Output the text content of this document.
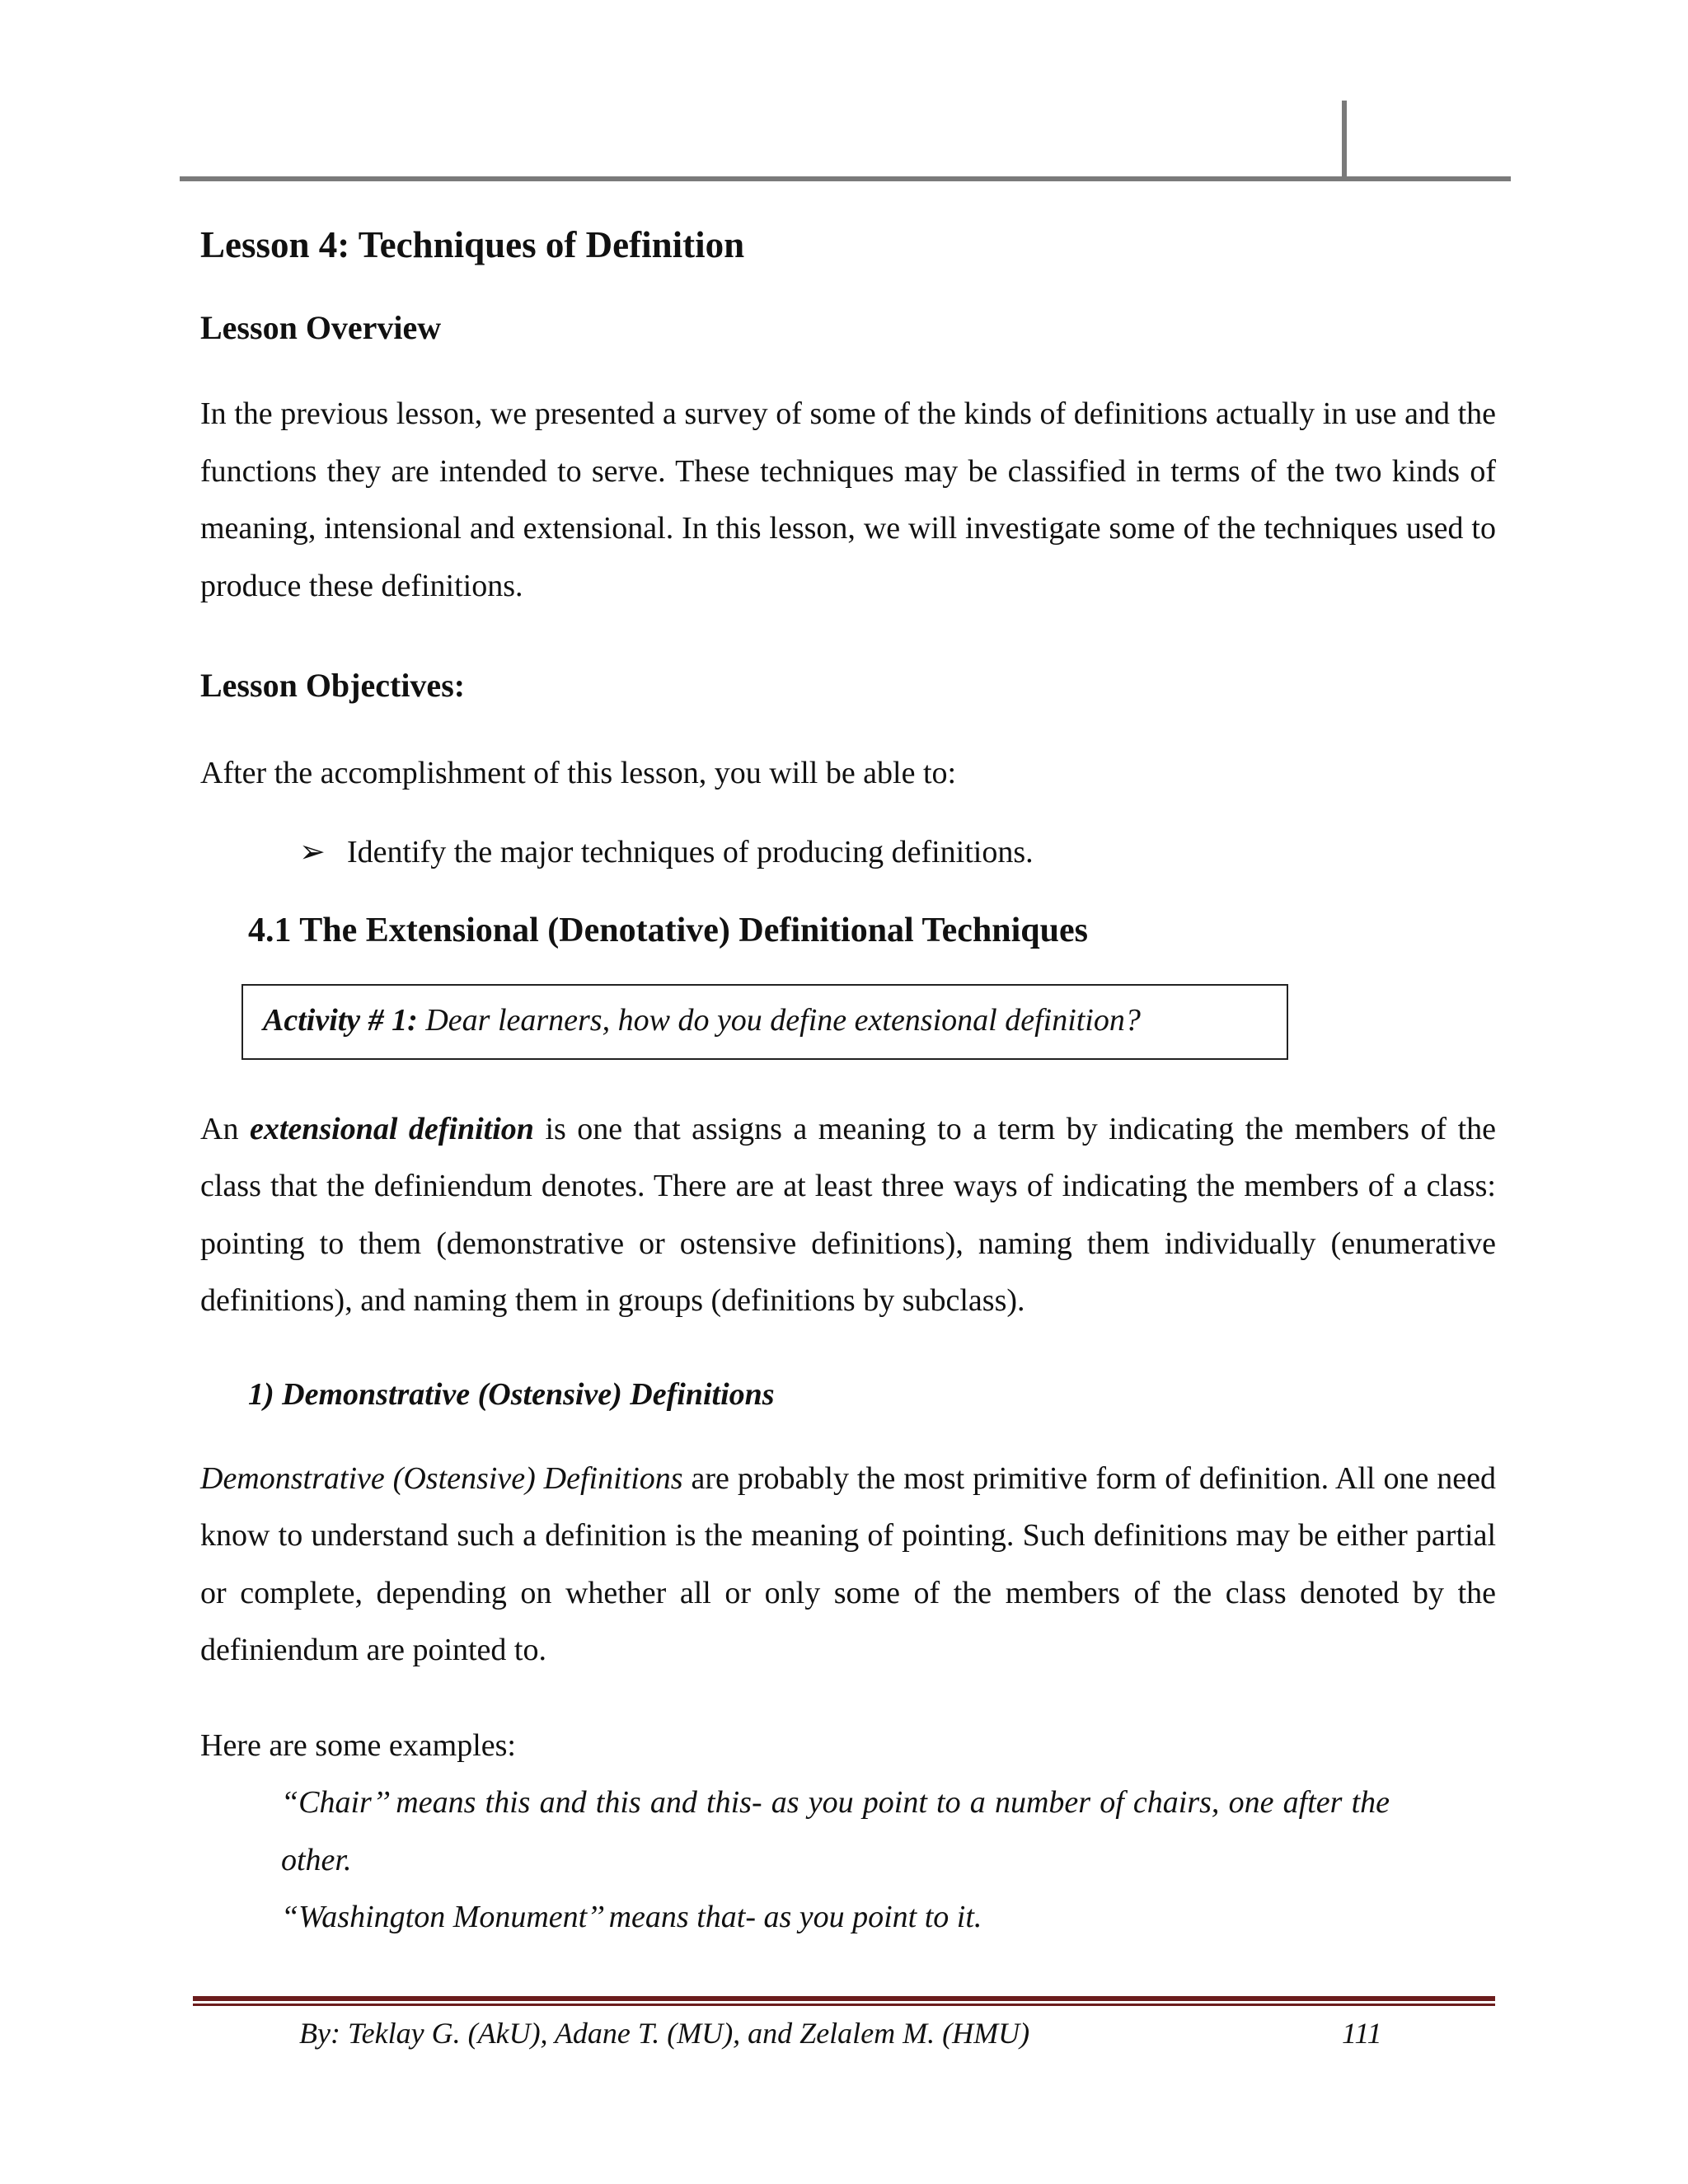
Lesson 4: Techniques of Definition
Lesson Overview

In the previous lesson, we presented a survey of some of the kinds of definitions actually in use and the functions they are intended to serve. These techniques may be classified in terms of the two kinds of meaning, intensional and extensional. In this lesson, we will investigate some of the techniques used to produce these definitions.

Lesson Objectives:

After the accomplishment of this lesson, you will be able to:

➢ Identify the major techniques of producing definitions.
4.1 The Extensional (Denotative) Definitional Techniques
Activity # 1: Dear learners, how do you define extensional definition?

An extensional definition is one that assigns a meaning to a term by indicating the members of the class that the definiendum denotes. There are at least three ways of indicating the members of a class: pointing to them (demonstrative or ostensive definitions), naming them individually (enumerative definitions), and naming them in groups (definitions by subclass).

1) Demonstrative (Ostensive) Definitions

Demonstrative (Ostensive) Definitions are probably the most primitive form of definition. All one need know to understand such a definition is the meaning of pointing. Such definitions may be either partial or complete, depending on whether all or only some of the members of the class denoted by the definiendum are pointed to.

Here are some examples:

“Chair’’ means this and this and this- as you point to a number of chairs, one after the other.

“Washington Monument’’ means that- as you point to it.

By: Teklay G. (AkU), Adane T. (MU), and Zelalem M. (HMU)	111
